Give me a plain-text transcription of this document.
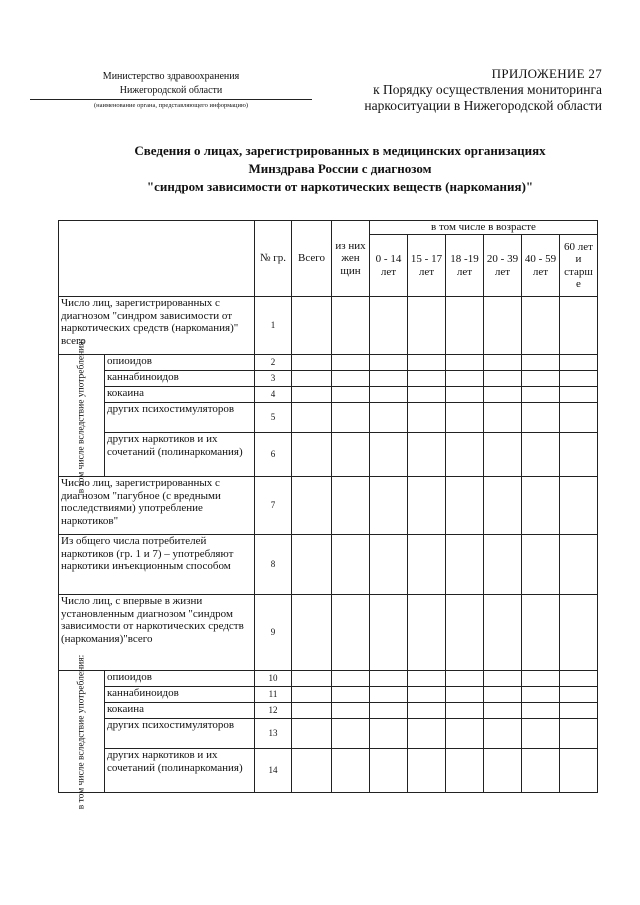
Министерство здравоохранения
Нижегородской области
(наименование органа, представляющего информацию)
ПРИЛОЖЕНИЕ 27
к Порядку осуществления мониторинга
наркоситуации в Нижегородской области
Сведения о лицах, зарегистрированных в медицинских организациях
Минздрава России с диагнозом
"синдром зависимости от наркотических веществ (наркомания)"
		№ гр.	Всего	из них жен щин	в том числе в возрасте					
					0 - 14 лет	15 - 17 лет	18 -19 лет	20 - 39 лет	40 - 59 лет	60 лет и старш е
Число лиц, зарегистрированных с диагнозом "синдром зависимости от наркотических средств (наркомания)" всего		1								

в том числе вследствие употребления:	опиоидов	2								
	каннабиноидов	3								
	кокаина	4								
	других психостимуляторов	5								
	других наркотиков и их сочетаний (полинаркомания)	6								
Число лиц, зарегистрированных с диагнозом "пагубное (с вредными последствиями) употребление наркотиков"		7								
Из общего числа потребителей наркотиков (гр. 1 и 7) – употребляют наркотики инъекционным способом		8								
Число лиц, с впервые в жизни установленным диагнозом "синдром зависимости от наркотических средств (наркомания)"всего		9								

в том числе вследствие употребления:	опиоидов	10								
	каннабиноидов	11								
	кокаина	12								
	других психостимуляторов	13								
	других наркотиков и их сочетаний (полинаркомания)	14								
